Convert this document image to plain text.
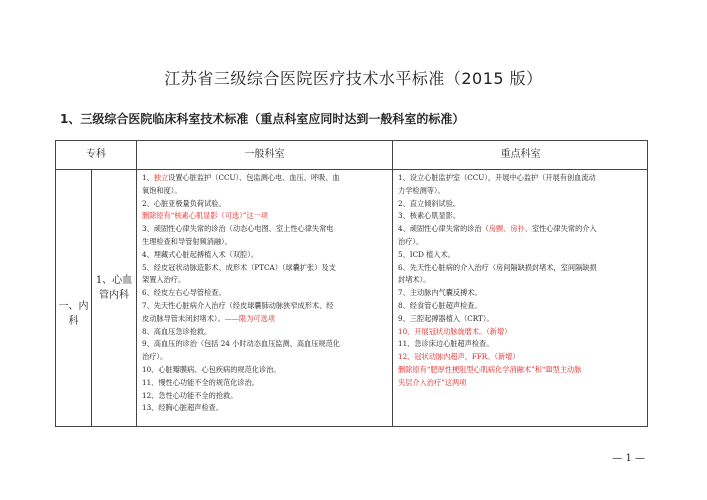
江苏省三级综合医院医疗技术水平标准（2015 版）
1、三级综合医院临床科室技术标准（重点科室应同时达到一般科室的标准）
专科	一般科室	重点科室
一、内科
1、心血管内科
1、独立设置心脏监护（CCU）、包监测心电、血压、呼吸、血
氧饱和度）。
2、心脏亚极量负荷试验。
删除原有“核素心肌显影（可选）”这一项
3、顽固性心律失常的诊治（动态心电图、室上性心律失常电
生理检查和导管射频消融）。
4、埋藏式心脏起搏植入术（双腔）。
5、经皮冠状动脉造影术、成形术（PTCA）（球囊扩张）及支
架置入治疗。
6、经皮左右心导管检查。
7、先天性心脏病介入治疗（经皮球囊肺动脉狭窄成形术、经
皮动脉导管未闭封堵术）。——限为可选项
8、高血压急诊抢救。
9、高血压的诊治（包括 24 小时动态血压监测、高血压规范化
治疗）。
10、心脏瓣膜病、心包疾病的规范化诊治。
11、慢性心功能不全的规范化诊治。
12、急性心功能不全的抢救。
13、经胸心脏超声检查。
1、设立心脏监护室（CCU），开展中心监护（开展有创血流动
力学检测等）。
2、直立倾斜试验。
3、核素心肌显影。
4、顽固性心律失常的诊治（房颤、房扑、室性心律失常的介入
治疗）。
5、ICD 植入术。
6、先天性心脏病的介入治疗（房间隔缺损封堵术，室间隔缺损
封堵术）。
7、主动脉内气囊反搏术。
8、经食管心脏超声检查。
9、三腔起搏器植入（CRT）。
10、开展冠状动脉旋磨术。（新增）
11、急诊床边心脏超声检查。
12、冠状动脉内超声、FFR。（新增）
删除原有“肥厚性梗阻型心肌病化学消融术”和“Ⅲ型主动脉
夹层介入治疗”这两项
— 1 —
